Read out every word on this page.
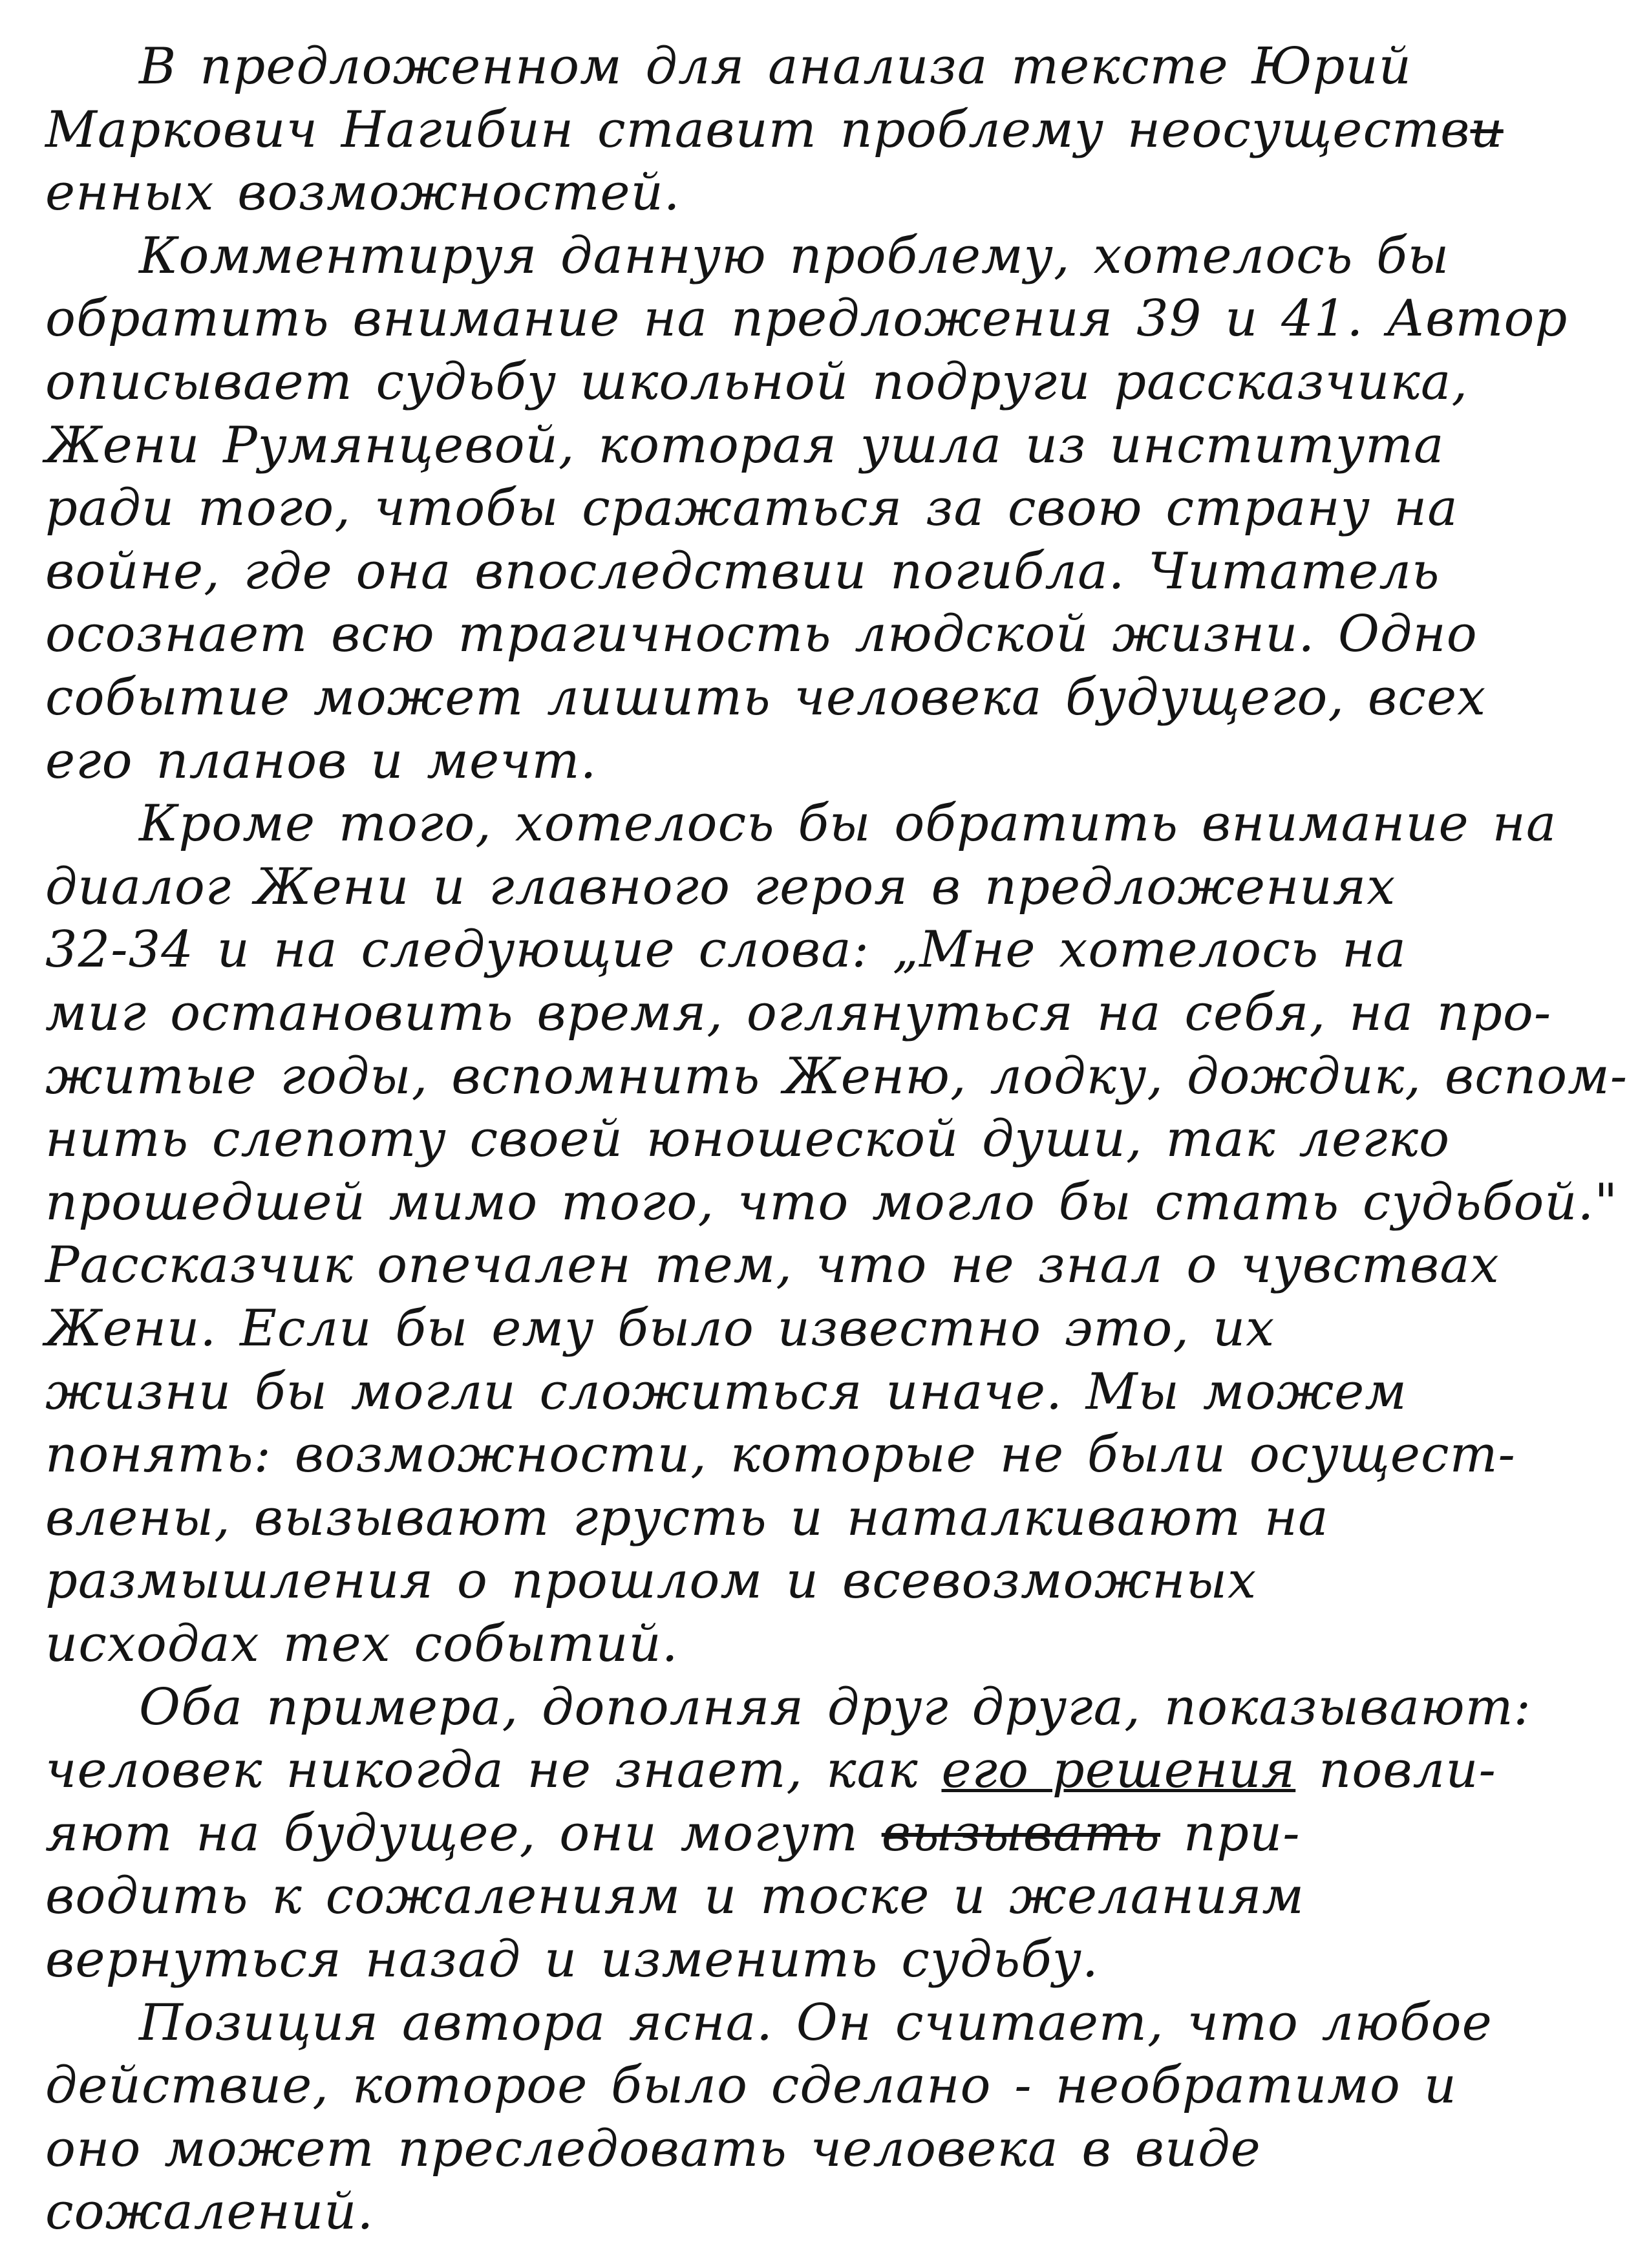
В предложенном для анализа тексте Юрий
Маркович Нагибин ставит проблему неосуществи
енных возможностей.
Комментируя данную проблему, хотелось бы
обратить внимание на предложения 39 и 41. Автор
описывает судьбу школьной подруги рассказчика,
Жени Румянцевой, которая ушла из института
ради того, чтобы сражаться за свою страну на
войне, где она впоследствии погибла. Читатель
осознает всю трагичность людской жизни. Одно
событие может лишить человека будущего, всех
его планов и мечт.
Кроме того, хотелось бы обратить внимание на
диалог Жени и главного героя в предложениях
32-34 и на следующие слова: „Мне хотелось на
миг остановить время, оглянуться на себя, на про-
житые годы, вспомнить Женю, лодку, дождик, вспом-
нить слепоту своей юношеской души, так легко
прошедшей мимо того, что могло бы стать судьбой."
Рассказчик опечален тем, что не знал о чувствах
Жени. Если бы ему было известно это, их
жизни бы могли сложиться иначе. Мы можем
понять: возможности, которые не были осущест-
влены, вызывают грусть и наталкивают на
размышления о прошлом и всевозможных
исходах тех событий.
Оба примера, дополняя друг друга, показывают:
человек никогда не знает, как его решения повли-
яют на будущее, они могут вызывать при-
водить к сожалениям и тоске и желаниям
вернуться назад и изменить судьбу.
Позиция автора ясна. Он считает, что любое
действие, которое было сделано - необратимо и
оно может преследовать человека в виде
сожалений.
